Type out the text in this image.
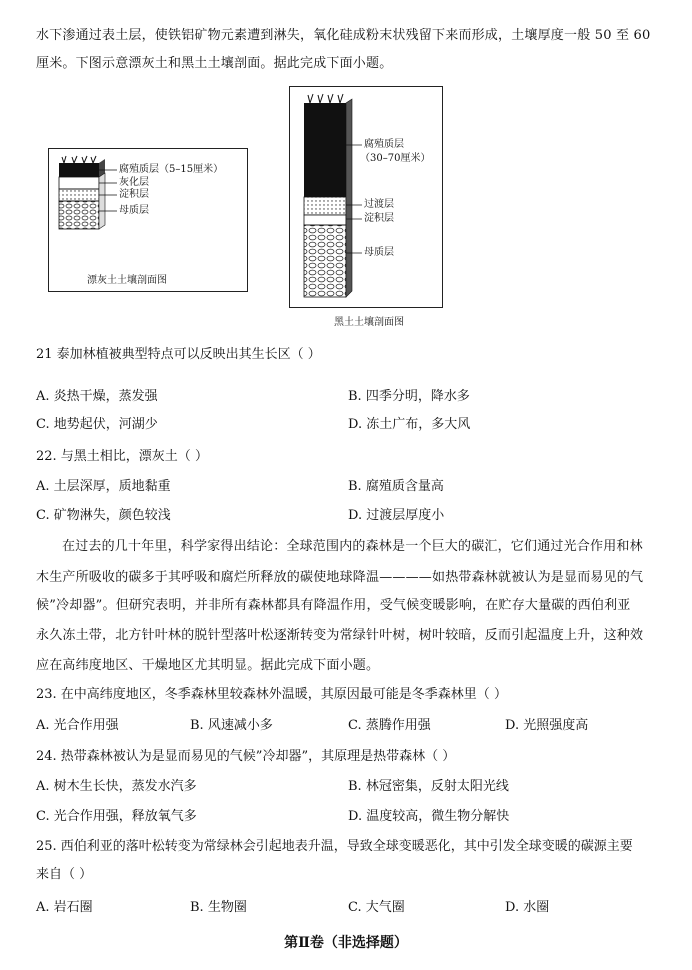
水下渗通过表土层，使铁铝矿物元素遭到淋失，氧化硅成粉末状残留下来而形成，土壤厚度一般 50 至 60
厘米。下图示意漂灰土和黑土土壤剖面。据此完成下面小题。
腐殖质层（5–15厘米）
灰化层
淀积层
母质层
漂灰土土壤剖面图
腐殖质层
（30–70厘米）
过渡层
淀积层
母质层
黑土土壤剖面图
21 泰加林植被典型特点可以反映出其生长区（ ）
A. 炎热干燥，蒸发强	B. 四季分明，降水多
C. 地势起伏，河湖少	D. 冻土广布，多大风
22. 与黑土相比，漂灰土（ ）
A. 土层深厚，质地黏重	B. 腐殖质含量高
C. 矿物淋失，颜色较浅	D. 过渡层厚度小
在过去的几十年里，科学家得出结论：全球范围内的森林是一个巨大的碳汇，它们通过光合作用和林
木生产所吸收的碳多于其呼吸和腐烂所释放的碳使地球降温————如热带森林就被认为是显而易见的气
候”冷却器”。但研究表明，并非所有森林都具有降温作用，受气候变暖影响，在贮存大量碳的西伯利亚
永久冻土带，北方针叶林的脱针型落叶松逐渐转变为常绿针叶树，树叶较暗，反而引起温度上升，这种效
应在高纬度地区、干燥地区尤其明显。据此完成下面小题。
23. 在中高纬度地区，冬季森林里较森林外温暖，其原因最可能是冬季森林里（ ）
A. 光合作用强	B. 风速减小多	C. 蒸腾作用强	D. 光照强度高
24. 热带森林被认为是显而易见的气候”冷却器”，其原理是热带森林（ ）
A. 树木生长快，蒸发水汽多	B. 林冠密集，反射太阳光线
C. 光合作用强，释放氧气多	D. 温度较高，微生物分解快
25. 西伯利亚的落叶松转变为常绿林会引起地表升温，导致全球变暖恶化，其中引发全球变暖的碳源主要
来自（ ）
A. 岩石圈	B. 生物圈	C. 大气圈	D. 水圈
第Ⅱ卷（非选择题）
